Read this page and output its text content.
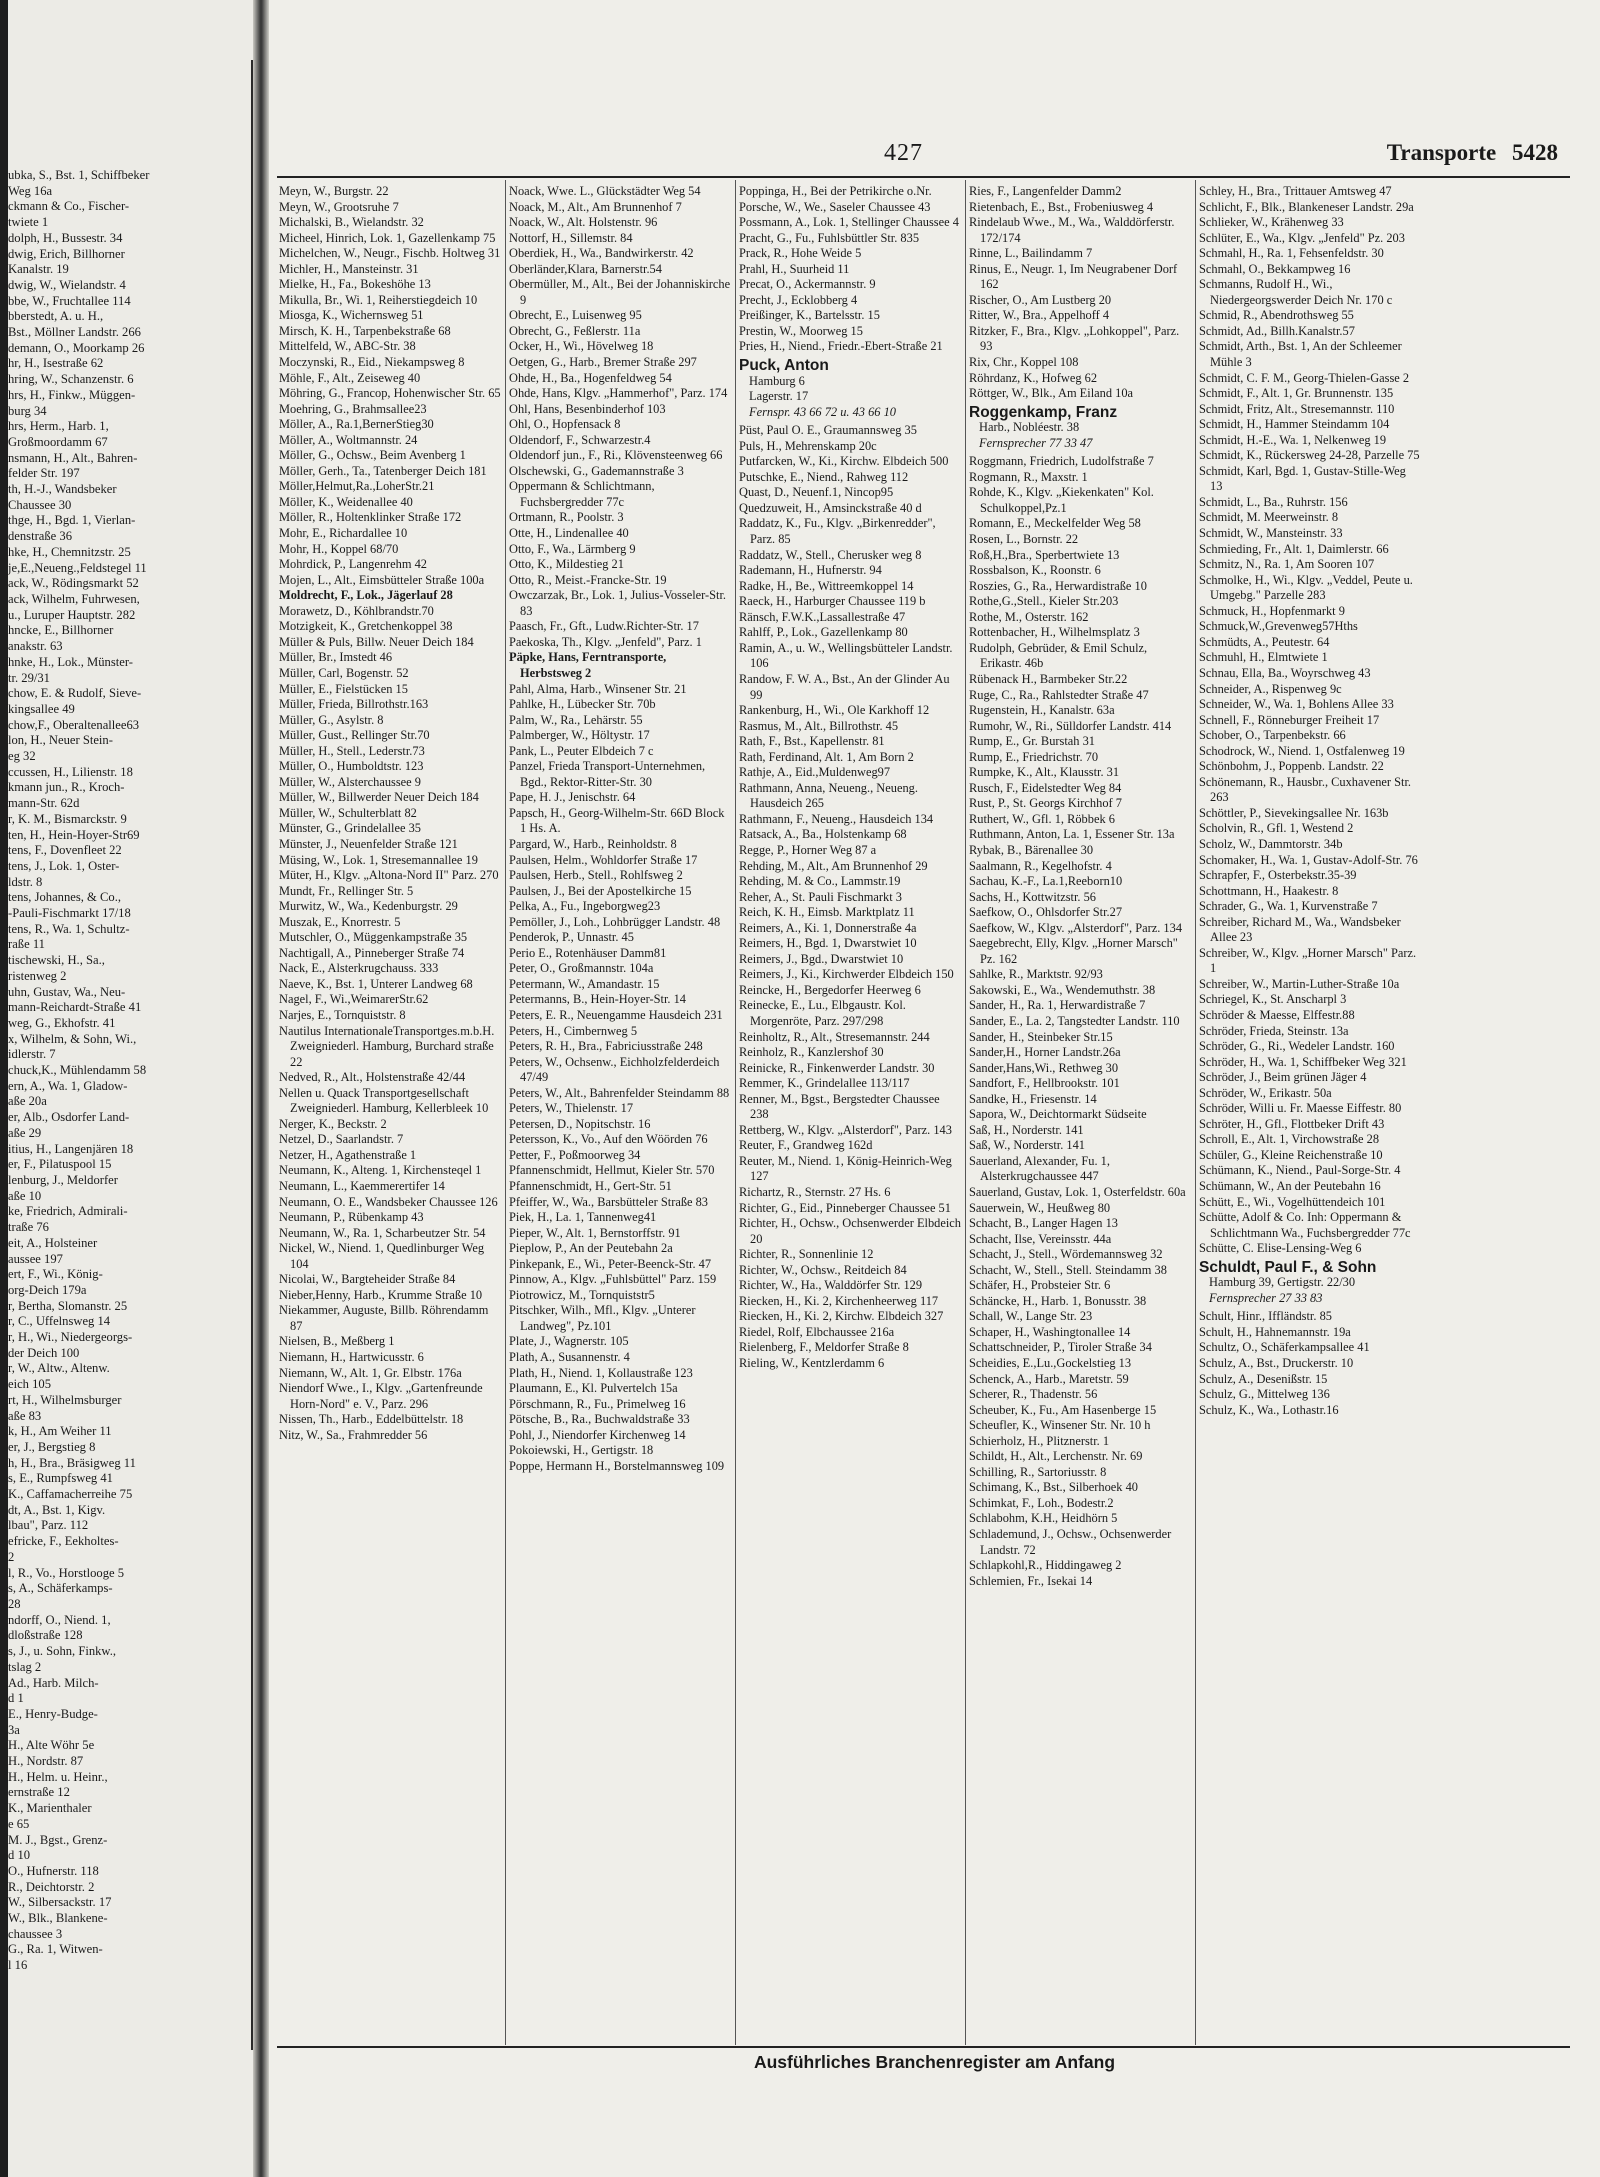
ubka, S., Bst. 1, Schiffbeker
Weg 16a
ckmann & Co., Fischer-
twiete 1
dolph, H., Bussestr. 34
dwig, Erich, Billhorner
Kanalstr. 19
dwig, W., Wielandstr. 4
bbe, W., Fruchtallee 114
bberstedt, A. u. H.,
Bst., Möllner Landstr. 266
demann, O., Moorkamp 26
hr, H., Isestraße 62
hring, W., Schanzenstr. 6
hrs, H., Finkw., Müggen-
burg 34
hrs, Herm., Harb. 1,
Großmoordamm 67
nsmann, H., Alt., Bahren-
felder Str. 197
th, H.-J., Wandsbeker
Chaussee 30
thge, H., Bgd. 1, Vierlan-
denstraße 36
hke, H., Chemnitzstr. 25
je,E.,Neueng.,Feldstegel 11
ack, W., Rödingsmarkt 52
ack, Wilhelm, Fuhrwesen,
u., Luruper Hauptstr. 282
hncke, E., Billhorner
anakstr. 63
hnke, H., Lok., Münster-
tr. 29/31
chow, E. & Rudolf, Sieve-
kingsallee 49
chow,F., Oberaltenallee63
lon, H., Neuer Stein-
eg 32
ccussen, H., Lilienstr. 18
kmann jun., R., Kroch-
mann-Str. 62d
r, K. M., Bismarckstr. 9
ten, H., Hein-Hoyer-Str69
tens, F., Dovenfleet 22
tens, J., Lok. 1, Oster-
ldstr. 8
tens, Johannes, & Co.,
-Pauli-Fischmarkt 17/18
tens, R., Wa. 1, Schultz-
raße 11
tischewski, H., Sa.,
ristenweg 2
uhn, Gustav, Wa., Neu-
mann-Reichardt-Straße 41
weg, G., Ekhofstr. 41
x, Wilhelm, & Sohn, Wi.,
idlerstr. 7
chuck,K., Mühlendamm 58
ern, A., Wa. 1, Gladow-
aße 20a
er, Alb., Osdorfer Land-
aße 29
itius, H., Langenjären 18
er, F., Pilatuspool 15
lenburg, J., Meldorfer
aße 10
ke, Friedrich, Admirali-
traße 76
eit, A., Holsteiner
aussee 197
ert, F., Wi., König-
org-Deich 179a
r, Bertha, Slomanstr. 25
r, C., Uffelnsweg 14
r, H., Wi., Niedergeorgs-
der Deich 100
r, W., Altw., Altenw.
eich 105
rt, H., Wilhelmsburger
aße 83
k, H., Am Weiher 11
er, J., Bergstieg 8
h, H., Bra., Bräsigweg 11
s, E., Rumpfsweg 41
K., Caffamacherreihe 75
dt, A., Bst. 1, Kigv.
lbau", Parz. 112
efricke, F., Eekholtes-
2
l, R., Vo., Horstlooge 5
s, A., Schäferkamps-
28
ndorff, O., Niend. 1,
dloßstraße 128
s, J., u. Sohn, Finkw.,
tslag 2
Ad., Harb. Milch-
d 1
E., Henry-Budge-
3a
H., Alte Wöhr 5e
H., Nordstr. 87
H., Helm. u. Heinr.,
ernstraße 12
K., Marienthaler
e 65
M. J., Bgst., Grenz-
d 10
O., Hufnerstr. 118
R., Deichtorstr. 2
W., Silbersackstr. 17
W., Blk., Blankene-
chaussee 3
G., Ra. 1, Witwen-
l 16
427	Transporte 5428
Meyn, W., Burgstr. 22
Meyn, W., Grootsruhe 7
Michalski, B., Wielandstr. 32
Micheel, Hinrich, Lok. 1, Gazellenkamp 75
Michelchen, W., Neugr., Fischb. Holtweg 31
Michler, H., Mansteinstr. 31
Mielke, H., Fa., Bokeshöhe 13
Mikulla, Br., Wi. 1, Reiherstiegdeich 10
Miosga, K., Wichernsweg 51
Mirsch, K. H., Tarpenbekstraße 68
Mittelfeld, W., ABC-Str. 38
Moczynski, R., Eid., Niekampsweg 8
Möhle, F., Alt., Zeiseweg 40
Möhring, G., Francop, Hohenwischer Str. 65
Moehring, G., Brahmsallee23
Möller, A., Ra.1,BernerStieg30
Möller, A., Woltmannstr. 24
Möller, G., Ochsw., Beim Avenberg 1
Möller, Gerh., Ta., Tatenberger Deich 181
Möller,Helmut,Ra.,LoherStr.21
Möller, K., Weidenallee 40
Möller, R., Holtenklinker Straße 172
Mohr, E., Richardallee 10
Mohr, H., Koppel 68/70
Mohrdick, P., Langenrehm 42
Mojen, L., Alt., Eimsbütteler Straße 100a
Moldrecht, F., Lok., Jägerlauf 28
Morawetz, D., Köhlbrandstr.70
Motzigkeit, K., Gretchenkoppel 38
Müller & Puls, Billw. Neuer Deich 184
Müller, Br., Imstedt 46
Müller, Carl, Bogenstr. 52
Müller, E., Fielstücken 15
Müller, Frieda, Billrothstr.163
Müller, G., Asylstr. 8
Müller, Gust., Rellinger Str.70
Müller, H., Stell., Lederstr.73
Müller, O., Humboldtstr. 123
Müller, W., Alsterchaussee 9
Müller, W., Billwerder Neuer Deich 184
Müller, W., Schulterblatt 82
Münster, G., Grindelallee 35
Münster, J., Neuenfelder Straße 121
Müsing, W., Lok. 1, Stresemannallee 19
Müter, H., Klgv. „Altona-Nord II" Parz. 270
Mundt, Fr., Rellinger Str. 5
Murwitz, W., Wa., Kedenburgstr. 29
Muszak, E., Knorrestr. 5
Mutschler, O., Müggenkampstraße 35
Nachtigall, A., Pinneberger Straße 74
Nack, E., Alsterkrugchauss. 333
Naeve, K., Bst. 1, Unterer Landweg 68
Nagel, F., Wi.,WeimarerStr.62
Narjes, E., Tornquiststr. 8
Nautilus InternationaleTransportges.m.b.H. Zweigniederl. Hamburg, Burchard straße 22
Nedved, R., Alt., Holstenstraße 42/44
Nellen u. Quack Transportgesellschaft Zweigniederl. Hamburg, Kellerbleek 10
Nerger, K., Beckstr. 2
Netzel, D., Saarlandstr. 7
Netzer, H., Agathenstraße 1
Neumann, K., Alteng. 1, Kirchensteqel 1
Neumann, L., Kaemmerertifer 14
Neumann, O. E., Wandsbeker Chaussee 126
Neumann, P., Rübenkamp 43
Neumann, W., Ra. 1, Scharbeutzer Str. 54
Nickel, W., Niend. 1, Quedlinburger Weg 104
Nicolai, W., Bargteheider Straße 84
Nieber,Henny, Harb., Krumme Straße 10
Niekammer, Auguste, Billb. Röhrendamm 87
Nielsen, B., Meßberg 1
Niemann, H., Hartwicusstr. 6
Niemann, W., Alt. 1, Gr. Elbstr. 176a
Niendorf Wwe., I., Klgv. „Gartenfreunde Horn-Nord" e. V., Parz. 296
Nissen, Th., Harb., Eddelbüttelstr. 18
Nitz, W., Sa., Frahmredder 56
Noack, Wwe. L., Glückstädter Weg 54
Noack, M., Alt., Am Brunnenhof 7
Noack, W., Alt. Holstenstr. 96
Nottorf, H., Sillemstr. 84
Oberdiek, H., Wa., Bandwirkerstr. 42
Oberländer,Klara, Barnerstr.54
Obermüller, M., Alt., Bei der Johanniskirche 9
Obrecht, E., Luisenweg 95
Obrecht, G., Feßlerstr. 11a
Ocker, H., Wi., Hövelweg 18
Oetgen, G., Harb., Bremer Straße 297
Ohde, H., Ba., Hogenfeldweg 54
Ohde, Hans, Klgv. „Hammerhof", Parz. 174
Ohl, Hans, Besenbinderhof 103
Ohl, O., Hopfensack 8
Oldendorf, F., Schwarzestr.4
Oldendorf jun., F., Ri., Klövensteenweg 66
Olschewski, G., Gademannstraße 3
Oppermann & Schlichtmann, Fuchsbergredder 77c
Ortmann, R., Poolstr. 3
Otte, H., Lindenallee 40
Otto, F., Wa., Lärmberg 9
Otto, K., Mildestieg 21
Otto, R., Meist.-Francke-Str. 19
Owczarzak, Br., Lok. 1, Julius-Vosseler-Str. 83
Paasch, Fr., Gft., Ludw.Richter-Str. 17
Paekoska, Th., Klgv. „Jenfeld", Parz. 1
Päpke, Hans, Ferntransporte, Herbstsweg 2
Pahl, Alma, Harb., Winsener Str. 21
Pahlke, H., Lübecker Str. 70b
Palm, W., Ra., Lehärstr. 55
Palmberger, W., Höltystr. 17
Pank, L., Peuter Elbdeich 7 c
Panzel, Frieda Transport-Unternehmen, Bgd., Rektor-Ritter-Str. 30
Pape, H. J., Jenischstr. 64
Papsch, H., Georg-Wilhelm-Str. 66D Block 1 Hs. A.
Pargard, W., Harb., Reinholdstr. 8
Paulsen, Helm., Wohldorfer Straße 17
Paulsen, Herb., Stell., Rohlfsweg 2
Paulsen, J., Bei der Apostelkirche 15
Pelka, A., Fu., Ingeborgweg23
Pemöller, J., Loh., Lohbrügger Landstr. 48
Penderok, P., Unnastr. 45
Perio E., Rotenhäuser Damm81
Peter, O., Großmannstr. 104a
Petermann, W., Amandastr. 15
Petermanns, B., Hein-Hoyer-Str. 14
Peters, E. R., Neuengamme Hausdeich 231
Peters, H., Cimbernweg 5
Peters, R. H., Bra., Fabriciusstraße 248
Peters, W., Ochsenw., Eichholzfelderdeich 47/49
Peters, W., Alt., Bahrenfelder Steindamm 88
Peters, W., Thielenstr. 17
Petersen, D., Nopitschstr. 16
Petersson, K., Vo., Auf den Wöörden 76
Petter, F., Poßmoorweg 34
Pfannenschmidt, Hellmut, Kieler Str. 570
Pfannenschmidt, H., Gert-Str. 51
Pfeiffer, W., Wa., Barsbütteler Straße 83
Piek, H., La. 1, Tannenweg41
Pieper, W., Alt. 1, Bernstorffstr. 91
Pieplow, P., An der Peutebahn 2a
Pinkepank, E., Wi., Peter-Beenck-Str. 47
Pinnow, A., Klgv. „Fuhlsbüttel" Parz. 159
Piotrowicz, M., Tornquiststr5
Pitschker, Wilh., Mfl., Klgv. „Unterer Landweg", Pz.101
Plate, J., Wagnerstr. 105
Plath, A., Susannenstr. 4
Plath, H., Niend. 1, Kollaustraße 123
Plaumann, E., Kl. Pulvertelch 15a
Pörschmann, R., Fu., Primelweg 16
Pötsche, B., Ra., Buchwaldstraße 33
Pohl, J., Niendorfer Kirchenweg 14
Pokoiewski, H., Gertigstr. 18
Poppe, Hermann H., Borstelmannsweg 109
Poppinga, H., Bei der Petrikirche o.Nr.
Porsche, W., We., Saseler Chaussee 43
Possmann, A., Lok. 1, Stellinger Chaussee 4
Pracht, G., Fu., Fuhlsbüttler Str. 835
Prack, R., Hohe Weide 5
Prahl, H., Suurheid 11
Precat, O., Ackermannstr. 9
Precht, J., Ecklobberg 4
Preißinger, K., Bartelsstr. 15
Prestin, W., Moorweg 15
Pries, H., Niend., Friedr.-Ebert-Straße 21
Puck, Anton
Hamburg 6
Lagerstr. 17
Fernspr. 43 66 72 u. 43 66 10
Püst, Paul O. E., Graumannsweg 35
Puls, H., Mehrenskamp 20c
Putfarcken, W., Ki., Kirchw. Elbdeich 500
Putschke, E., Niend., Rahweg 112
Quast, D., Neuenf.1, Nincop95
Quedzuweit, H., Amsinckstraße 40 d
Raddatz, K., Fu., Klgv. „Birkenredder", Parz. 85
Raddatz, W., Stell., Cherusker weg 8
Rademann, H., Hufnerstr. 94
Radke, H., Be., Wittreemkoppel 14
Raeck, H., Harburger Chaussee 119 b
Ränsch, F.W.K.,Lassallestraße 47
Rahlff, P., Lok., Gazellenkamp 80
Ramin, A., u. W., Wellingsbütteler Landstr. 106
Randow, F. W. A., Bst., An der Glinder Au 99
Rankenburg, H., Wi., Ole Karkhoff 12
Rasmus, M., Alt., Billrothstr. 45
Rath, F., Bst., Kapellenstr. 81
Rath, Ferdinand, Alt. 1, Am Born 2
Rathje, A., Eid.,Muldenweg97
Rathmann, Anna, Neueng., Neueng. Hausdeich 265
Rathmann, F., Neueng., Hausdeich 134
Ratsack, A., Ba., Holstenkamp 68
Regge, P., Horner Weg 87 a
Rehding, M., Alt., Am Brunnenhof 29
Rehding, M. & Co., Lammstr.19
Reher, A., St. Pauli Fischmarkt 3
Reich, K. H., Eimsb. Marktplatz 11
Reimers, A., Ki. 1, Donnerstraße 4a
Reimers, H., Bgd. 1, Dwarstwiet 10
Reimers, J., Bgd., Dwarstwiet 10
Reimers, J., Ki., Kirchwerder Elbdeich 150
Reincke, H., Bergedorfer Heerweg 6
Reinecke, E., Lu., Elbgaustr. Kol. Morgenröte, Parz. 297/298
Reinholtz, R., Alt., Stresemannstr. 244
Reinholz, R., Kanzlershof 30
Reinicke, R., Finkenwerder Landstr. 30
Remmer, K., Grindelallee 113/117
Renner, M., Bgst., Bergstedter Chaussee 238
Rettberg, W., Klgv. „Alsterdorf", Parz. 143
Reuter, F., Grandweg 162d
Reuter, M., Niend. 1, König-Heinrich-Weg 127
Richartz, R., Sternstr. 27 Hs. 6
Richter, G., Eid., Pinneberger Chaussee 51
Richter, H., Ochsw., Ochsenwerder Elbdeich 20
Richter, R., Sonnenlinie 12
Richter, W., Ochsw., Reitdeich 84
Richter, W., Ha., Walddörfer Str. 129
Riecken, H., Ki. 2, Kirchenheerweg 117
Riecken, H., Ki. 2, Kirchw. Elbdeich 327
Riedel, Rolf, Elbchaussee 216a
Rielenberg, F., Meldorfer Straße 8
Rieling, W., Kentzlerdamm 6
Ries, F., Langenfelder Damm2
Rietenbach, E., Bst., Frobeniusweg 4
Rindelaub Wwe., M., Wa., Walddörferstr. 172/174
Rinne, L., Bailindamm 7
Rinus, E., Neugr. 1, Im Neugrabener Dorf 162
Rischer, O., Am Lustberg 20
Ritter, W., Bra., Appelhoff 4
Ritzker, F., Bra., Klgv. „Lohkoppel", Parz. 93
Rix, Chr., Koppel 108
Röhrdanz, K., Hofweg 62
Röttger, W., Blk., Am Eiland 10a
Roggenkamp, Franz
Harb., Nobléestr. 38
Fernsprecher 77 33 47
Roggmann, Friedrich, Ludolfstraße 7
Rogmann, R., Maxstr. 1
Rohde, K., Klgv. „Kiekenkaten" Kol. Schulkoppel,Pz.1
Romann, E., Meckelfelder Weg 58
Rosen, L., Bornstr. 22
Roß,H.,Bra., Sperbertwiete 13
Rossbalson, K., Roonstr. 6
Roszies, G., Ra., Herwardistraße 10
Rothe,G.,Stell., Kieler Str.203
Rothe, M., Osterstr. 162
Rottenbacher, H., Wilhelmsplatz 3
Rudolph, Gebrüder, & Emil Schulz, Erikastr. 46b
Rübenack H., Barmbeker Str.22
Ruge, C., Ra., Rahlstedter Straße 47
Rugenstein, H., Kanalstr. 63a
Rumohr, W., Ri., Sülldorfer Landstr. 414
Rump, E., Gr. Burstah 31
Rump, E., Friedrichstr. 70
Rumpke, K., Alt., Klausstr. 31
Rusch, F., Eidelstedter Weg 84
Rust, P., St. Georgs Kirchhof 7
Ruthert, W., Gfl. 1, Röbbek 6
Ruthmann, Anton, La. 1, Essener Str. 13a
Rybak, B., Bärenallee 30
Saalmann, R., Kegelhofstr. 4
Sachau, K.-F., La.1,Reeborn10
Sachs, H., Kottwitzstr. 56
Saefkow, O., Ohlsdorfer Str.27
Saefkow, W., Klgv. „Alsterdorf", Parz. 134
Saegebrecht, Elly, Klgv. „Horner Marsch" Pz. 162
Sahlke, R., Marktstr. 92/93
Sakowski, E., Wa., Wendemuthstr. 38
Sander, H., Ra. 1, Herwardistraße 7
Sander, E., La. 2, Tangstedter Landstr. 110
Sander, H., Steinbeker Str.15
Sander,H., Horner Landstr.26a
Sander,Hans,Wi., Rethweg 30
Sandfort, F., Hellbrookstr. 101
Sandke, H., Friesenstr. 14
Sapora, W., Deichtormarkt Südseite
Saß, H., Norderstr. 141
Saß, W., Norderstr. 141
Sauerland, Alexander, Fu. 1, Alsterkrugchaussee 447
Sauerland, Gustav, Lok. 1, Osterfeldstr. 60a
Sauerwein, W., Heußweg 80
Schacht, B., Langer Hagen 13
Schacht, Ilse, Vereinsstr. 44a
Schacht, J., Stell., Wördemannsweg 32
Schacht, W., Stell., Stell. Steindamm 38
Schäfer, H., Probsteier Str. 6
Schäncke, H., Harb. 1, Bonusstr. 38
Schall, W., Lange Str. 23
Schaper, H., Washingtonallee 14
Schattschneider, P., Tiroler Straße 34
Scheidies, E.,Lu.,Gockelstieg 13
Schenck, A., Harb., Maretstr. 59
Scherer, R., Thadenstr. 56
Scheuber, K., Fu., Am Hasenberge 15
Scheufler, K., Winsener Str. Nr. 10 h
Schierholz, H., Plitznerstr. 1
Schildt, H., Alt., Lerchenstr. Nr. 69
Schilling, R., Sartoriusstr. 8
Schimang, K., Bst., Silberhoek 40
Schimkat, F., Loh., Bodestr.2
Schlabohm, K.H., Heidhörn 5
Schlademund, J., Ochsw., Ochsenwerder Landstr. 72
Schlapkohl,R., Hiddingaweg 2
Schlemien, Fr., Isekai 14
Schley, H., Bra., Trittauer Amtsweg 47
Schlicht, F., Blk., Blankeneser Landstr. 29a
Schlieker, W., Krähenweg 33
Schlüter, E., Wa., Klgv. „Jenfeld" Pz. 203
Schmahl, H., Ra. 1, Fehsenfeldstr. 30
Schmahl, O., Bekkampweg 16
Schmanns, Rudolf H., Wi., Niedergeorgswerder Deich Nr. 170 c
Schmid, R., Abendrothsweg 55
Schmidt, Ad., Billh.Kanalstr.57
Schmidt, Arth., Bst. 1, An der Schleemer Mühle 3
Schmidt, C. F. M., Georg-Thielen-Gasse 2
Schmidt, F., Alt. 1, Gr. Brunnenstr. 135
Schmidt, Fritz, Alt., Stresemannstr. 110
Schmidt, H., Hammer Steindamm 104
Schmidt, H.-E., Wa. 1, Nelkenweg 19
Schmidt, K., Rückersweg 24-28, Parzelle 75
Schmidt, Karl, Bgd. 1, Gustav-Stille-Weg 13
Schmidt, L., Ba., Ruhrstr. 156
Schmidt, M. Meerweinstr. 8
Schmidt, W., Mansteinstr. 33
Schmieding, Fr., Alt. 1, Daimlerstr. 66
Schmitz, N., Ra. 1, Am Sooren 107
Schmolke, H., Wi., Klgv. „Veddel, Peute u. Umgebg." Parzelle 283
Schmuck, H., Hopfenmarkt 9
Schmuck,W.,Grevenweg57Hths
Schmüdts, A., Peutestr. 64
Schmuhl, H., Elmtwiete 1
Schnau, Ella, Ba., Woyrschweg 43
Schneider, A., Rispenweg 9c
Schneider, W., Wa. 1, Bohlens Allee 33
Schnell, F., Rönneburger Freiheit 17
Schober, O., Tarpenbekstr. 66
Schodrock, W., Niend. 1, Ostfalenweg 19
Schönbohm, J., Poppenb. Landstr. 22
Schönemann, R., Hausbr., Cuxhavener Str. 263
Schöttler, P., Sievekingsallee Nr. 163b
Scholvin, R., Gfl. 1, Westend 2
Scholz, W., Dammtorstr. 34b
Schomaker, H., Wa. 1, Gustav-Adolf-Str. 76
Schrapfer, F., Osterbekstr.35-39
Schottmann, H., Haakestr. 8
Schrader, G., Wa. 1, Kurvenstraße 7
Schreiber, Richard M., Wa., Wandsbeker Allee 23
Schreiber, W., Klgv. „Horner Marsch" Parz. 1
Schreiber, W., Martin-Luther-Straße 10a
Schriegel, K., St. Anscharpl 3
Schröder & Maesse, Elffestr.88
Schröder, Frieda, Steinstr. 13a
Schröder, G., Ri., Wedeler Landstr. 160
Schröder, H., Wa. 1, Schiffbeker Weg 321
Schröder, J., Beim grünen Jäger 4
Schröder, W., Erikastr. 50a
Schröder, Willi u. Fr. Maesse Eiffestr. 80
Schröter, H., Gfl., Flottbeker Drift 43
Schroll, E., Alt. 1, Virchowstraße 28
Schüler, G., Kleine Reichenstraße 10
Schümann, K., Niend., Paul-Sorge-Str. 4
Schümann, W., An der Peutebahn 16
Schütt, E., Wi., Vogelhüttendeich 101
Schütte, Adolf & Co. Inh: Oppermann & Schlichtmann Wa., Fuchsbergredder 77c
Schütte, C. Elise-Lensing-Weg 6
Schuldt, Paul F., & Sohn
Hamburg 39, Gertigstr. 22/30
Fernsprecher 27 33 83
Schult, Hinr., Iffländstr. 85
Schult, H., Hahnemannstr. 19a
Schultz, O., Schäferkampsallee 41
Schulz, A., Bst., Druckerstr. 10
Schulz, A., Desenißstr. 15
Schulz, G., Mittelweg 136
Schulz, K., Wa., Lothastr.16
Ausführliches Branchenregister am Anfang
